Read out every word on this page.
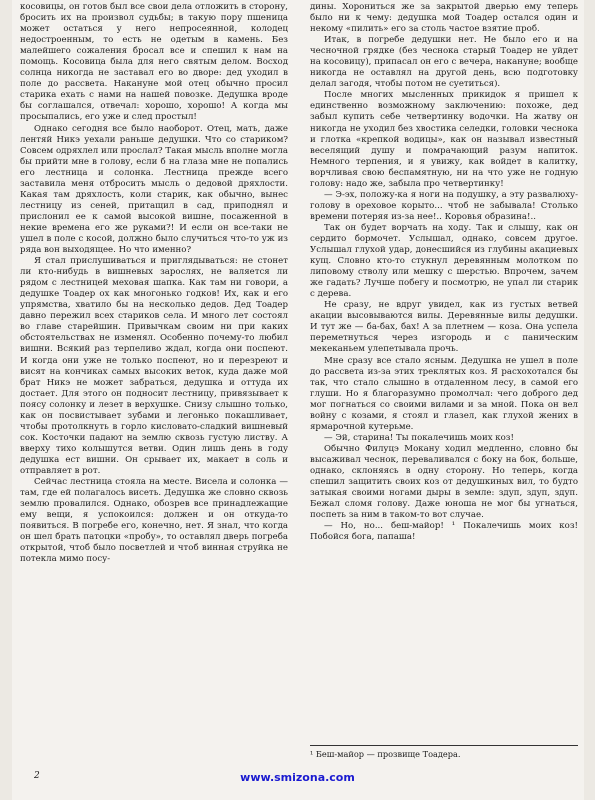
косовицы, он готов был все свои дела отложить в сторону, бросить их на произвол судьбы; в такую пору пшеница может остаться у него непросеянной, колодец недостроенным, то есть не одетым в камень. Без малейшего сожаления бросал все и спешил к нам на помощь. Косовица была для него святым делом. Восход солнца никогда не заставал его во дворе: дед уходил в поле до рассвета. Накануне мой отец обычно просил старика ехать с нами на нашей повозке. Дедушка вроде бы соглашался, отвечал: хорошо, хорошо! А когда мы просыпались, его уже и след простыл!

Однако сегодня все было наоборот. Отец, мать, даже лентяй Никэ уехали раньше дедушки. Что со стариком? Совсем одряхлел или прослал? Такая мысль вполне могла бы прийти мне в голову, если б на глаза мне не попались его лестница и солонка. Лестница прежде всего заставила меня отбросить мысль о дедовой дряхлости. Какая там дряхлость, коли старик, как обычно, вынес лестницу из сеней, притащил в сад, приподнял и прислонил ее к самой высокой вишне, посаженной в некие времена его же руками?! И если он все-таки не ушел в поле с косой, должно было случиться что-то уж из ряда вон выходящее. Но что именно?

Я стал прислушиваться и приглядываться: не стонет ли кто-нибудь в вишневых зарослях, не валяется ли рядом с лестницей меховая шапка. Как там ни говори, а дедушке Тоадер ох как многонько годков! Их, как и его упрямства, хватило бы на несколько дедов. Дед Тоадер давно пережил всех стариков села. И много лет состоял во главе старейшин. Привычкам своим ни при каких обстоятельствах не изменял. Особенно почему-то любил вишни. Всякий раз терпеливо ждал, когда они поспеют. И когда они уже не только поспеют, но и перезреют и висят на кончиках самых высоких веток, куда даже мой брат Никэ не может забраться, дедушка и оттуда их достает. Для этого он подносит лестницу, привязывает к поясу солонку и лезет в верхушке. Снизу слышно только, как он посвистывает зубами и легонько покашливает, чтобы протолкнуть в горло кисловато-сладкий вишневый сок. Косточки падают на землю сквозь густую листву. А вверху тихо колышутся ветви. Один лишь день в году дедушка ест вишни. Он срывает их, макает в соль и отправляет в рот.

Сейчас лестница стояла на месте. Висела и солонка — там, где ей полагалось висеть. Дедушка же словно сквозь землю провалился. Однако, обозрев все принадлежащие ему вещи, я успокоился: должен и он откуда-то появиться. В погребе его, конечно, нет. Я знал, что когда он шел брать патоцки «пробу», то оставлял дверь погреба открытой, чтоб было посветлей и чтоб винная струйка не потекла мимо посу-

дины. Хорониться же за закрытой дверью ему теперь было ни к чему: дедушка мой Тоадер остался один и некому «пилить» его за столь частое взятие проб.

Итак, в погребе дедушки нет. Не было его и на чесночной грядке (без чеснока старый Тоадер не уйдет на косовицу), припасал он его с вечера, накануне; вообще никогда не оставлял на другой день, всю подготовку делал загодя, чтобы потом не суетиться).

После многих мысленных прикидок я пришел к единственно возможному заключению: похоже, дед забыл купить себе четвертинку водочки. На жатву он никогда не уходил без хвостика селедки, головки чеснока и глотка «крепкой водицы», как он называл известный веселящий душу и помрачающий разум напиток. Немного терпения, и я увижу, как войдет в калитку, ворчливая свою беспамятную, ни на что уже не годную голову: надо же, забыла про четвертинку!

— Э-эх, положу-ка я ноги на подушку, а эту развалюху-голову в ореховое корыто... чтоб не забывала! Столько времени потеряя из-за нее!.. Коровья образина!..

Так он будет ворчать на ходу. Так и слышу, как он сердито бормочет. Услышал, однако, совсем другое. Услышал глухой удар, донесшийся из глубины акациевых кущ. Словно кто-то стукнул деревянным молотком по липовому стволу или мешку с шерстью. Впрочем, зачем же гадать? Лучше побегу и посмотрю, не упал ли старик с дерева.

Не сразу, не вдруг увидел, как из густых ветвей акации высовываются вилы. Деревянные вилы дедушки. И тут же — ба-бах, бах! А за плетнем — коза. Она успела переметнуться через изгородь и с паническим мекеканьем улепетывала прочь.

Мне сразу все стало ясным. Дедушка не ушел в поле до рассвета из-за этих треклятых коз. Я расхохотался бы так, что стало слышно в отдаленном лесу, в самой его глуши. Но я благоразумно промолчал: чего доброго дед мог погнаться со своими вилами и за мной. Пока он вел войну с козами, я стоял и глазел, как глухой жених в ярмарочной кутерьме.

— Эй, старина! Ты покалечишь моих коз!

Обычно Филуцэ Мокану ходил медленно, словно бы высаживал чеснок, переваливался с боку на бок, больше, однако, склоняясь в одну сторону. Но теперь, когда спешил защитить своих коз от дедушкиных вил, то будто затыкая своими ногами дыры в земле: здуп, здуп, здуп. Бежал сломя голову. Даже юноша не мог бы угнаться, поспеть за ним в таком-то вот случае.

— Но, но... беш-майор! ¹ Покалечишь моих коз! Побойся бога, папаша!

¹ Беш-майор — прозвище Тоадера.
2	www.smizona.com
